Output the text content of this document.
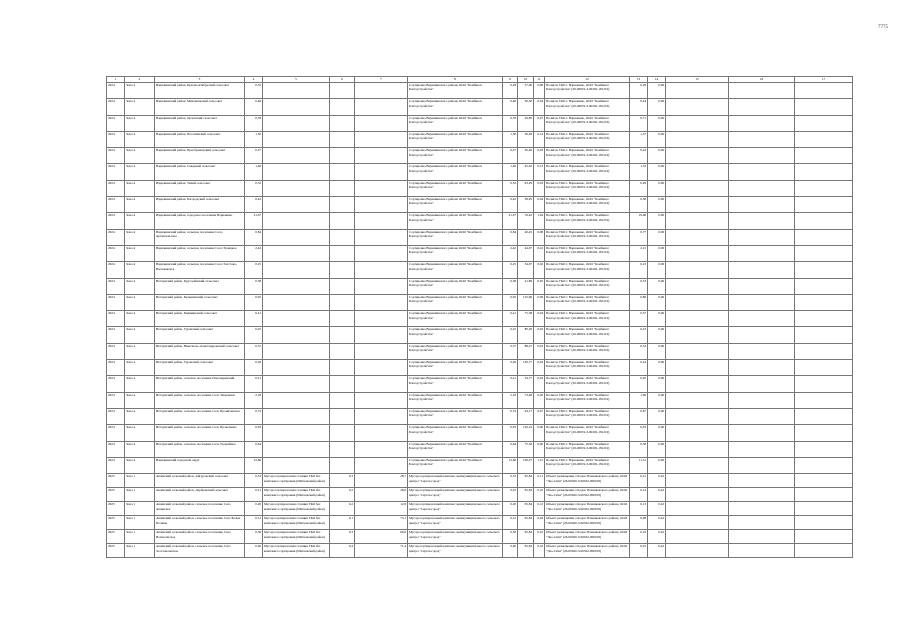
7775
1	2	3	4	5	6	7	8	9	10	11	12	13	14	15	16	17
2024	Зона 4	Варнавинский район, Краснооктябрьский сельсовет	0,35				Сортировка Варнавинского района ООО "Комбинат Благоустройства"	0,28	57,00	0,06	Полигон ТКО г. Варнавино, ООО "Комбинат Благоустройства" (26-00019-З-00202-181219)	0,29	0,06			
2024	Зона 4	Варнавинский район, Михаилевский сельсовет	0,46				Сортировка Варнавинского района ООО "Комбинат Благоустройства"	0,46	36,50	0,04	Полигон ТКО г. Варнавино, ООО "Комбинат Благоустройства" (26-00019-З-00202-181219)	0,44	0,06			
2024	Зона 4	Варнавинский район, Орловский сельсовет	0,78				Сортировка Варнавинского района ООО "Комбинат Благоустройства"	0,78	29,85	0,07	Полигон ТКО г. Варнавино, ООО "Комбинат Благоустройства" (26-00019-З-00202-181219)	0,71	0,06			
2024	Зона 4	Варнавинский район, Плоскинский сельсовет	1,50				Сортировка Варнавинского района ООО "Комбинат Благоустройства"	1,50	36,28	0,14	Полигон ТКО г. Варнавино, ООО "Комбинат Благоустройства" (26-00019-З-00202-181219)	1,37	0,06			
2024	Зона 4	Варнавинский район, Преображенский сельсовет	0,27				Сортировка Варнавинского района ООО "Комбинат Благоустройства"	0,27	20,46	0,03	Полигон ТКО г. Варнавино, ООО "Комбинат Благоустройства" (26-00019-З-00202-181219)	0,24	0,06			
2024	Зона 4	Варнавинский район, Северный сельсовет	1,46				Сортировка Варнавинского района ООО "Комбинат Благоустройства"	1,46	45,02	0,13	Полигон ТКО г. Варнавино, ООО "Комбинат Благоустройства" (26-00019-З-00202-181219)	1,33	0,06			
2024	Зона 4	Варнавинский район, Тихий сельсовет	0,32				Сортировка Варнавинского района ООО "Комбинат Благоустройства"	0,32	63,29	0,03	Полигон ТКО г. Варнавино, ООО "Комбинат Благоустройства" (26-00019-З-00202-181219)	0,29	0,06			
2024	Зона 4	Варнавинский район, Богородский сельсовет	0,42				Сортировка Варнавинского района ООО "Комбинат Благоустройства"	0,42	38,95	0,04	Полигон ТКО г. Варнавино, ООО "Комбинат Благоустройства" (26-00019-З-00202-181219)	0,38	0,06			
2024	Зона 4	Варнавинский район, городское поселение Варнавино	21,07				Сортировка Варнавинского района ООО "Комбинат Благоустройства"	21,07	76,42	1,94	Полигон ТКО г. Варнавино, ООО "Комбинат Благоустройства" (26-00019-З-00202-181219)	19,66	0,06			
2024	Зона 4	Варнавинский район, сельское поселение Село Архангельское	0,84				Сортировка Варнавинского района ООО "Комбинат Благоустройства"	0,84	40,45	0,08	Полигон ТКО г. Варнавино, ООО "Комбинат Благоустройства" (26-00019-З-00202-181219)	0,77	0,06			
2024	Зона 4	Варнавинский район, сельское поселение Село Троицкое	2,42				Сортировка Варнавинского района ООО "Комбинат Благоустройства"	2,42	44,07	0,22	Полигон ТКО г. Варнавино, ООО "Комбинат Благоустройства" (26-00019-З-00202-181219)	2,21	0,06			
2024	Зона 4	Варнавинский район, сельское поселение Село Толстово-Васюковское	0,25				Сортировка Варнавинского района ООО "Комбинат Благоустройства"	0,25	34,07	0,02	Полигон ТКО г. Варнавино, ООО "Комбинат Благоустройства" (26-00019-З-00202-181219)	0,23	0,06			
2024	Зона 4	Ветлужский район, Крутоеймский сельсовет	0,58				Сортировка Варнавинского района ООО "Комбинат Благоустройства"	0,58	41,89	0,05	Полигон ТКО г. Варнавино, ООО "Комбинат Благоустройства" (26-00019-З-00202-181219)	0,53	0,06			
2024	Зона 4	Ветлужский район, Белышевский сельсовет	0,95				Сортировка Варнавинского района ООО "Комбинат Благоустройства"	0,95	125,96	0,09	Полигон ТКО г. Варнавино, ООО "Комбинат Благоустройства" (26-00019-З-00202-181219)	0,86	0,06			
2024	Зона 4	Ветлужский район, Бидикинский сельсовет	0,41				Сортировка Варнавинского района ООО "Комбинат Благоустройства"	0,41	75,38	0,04	Полигон ТКО г. Варнавино, ООО "Комбинат Благоустройства" (26-00019-З-00202-181219)	0,37	0,06			
2024	Зона 4	Ветлужский район, Туранский сельсовет	0,25				Сортировка Варнавинского района ООО "Комбинат Благоустройства"	0,25	80,29	0,02	Полигон ТКО г. Варнавино, ООО "Комбинат Благоустройства" (26-00019-З-00202-181219)	0,23	0,06			
2024	Зона 4	Ветлужский район, Никольско-Александровский сельсовет	0,37				Сортировка Варнавинского района ООО "Комбинат Благоустройства"	0,37	88,27	0,03	Полигон ТКО г. Варнавино, ООО "Комбинат Благоустройства" (26-00019-З-00202-181219)	0,34	0,06			
2024	Зона 4	Ветлужский район, Туранский сельсовет	0,26				Сортировка Варнавинского района ООО "Комбинат Благоустройства"	0,26	130,77	0,02	Полигон ТКО г. Варнавино, ООО "Комбинат Благоустройства" (26-00019-З-00202-181219)	0,24	0,06			
2024	Зона 4	Ветлужский район, сельское поселение Поназыревский	0,21				Сортировка Варнавинского района ООО "Комбинат Благоустройства"	0,21	34,77	0,02	Полигон ТКО г. Варнавино, ООО "Комбинат Благоустройства" (26-00019-З-00202-181219)	0,20	0,06			
2024	Зона 4	Ветлужский район, сельское поселение Село Завражное	2,18				Сортировка Варнавинского района ООО "Комбинат Благоустройства"	2,18	73,48	0,20	Полигон ТКО г. Варнавино, ООО "Комбинат Благоустройства" (26-00019-З-00202-181219)	1,99	0,06			
2024	Зона 4	Ветлужский район, сельское поселение Село Проничевское	0,74				Сортировка Варнавинского района ООО "Комбинат Благоустройства"	0,74	64,17	0,07	Полигон ТКО г. Варнавино, ООО "Комбинат Благоустройства" (26-00019-З-00202-181219)	0,67	0,06			
2024	Зона 4	Ветлужский район, сельское поселение Село Прокопьево	0,03				Сортировка Варнавинского района ООО "Комбинат Благоустройства"	0,03	120,19	0,00	Полигон ТКО г. Варнавино, ООО "Комбинат Благоустройства" (26-00019-З-00202-181219)	0,03	0,06			
2024	Зона 4	Ветлужский район, сельское поселение Село Урожайное	0,64				Сортировка Варнавинского района ООО "Комбинат Благоустройства"	0,64	75,36	0,06	Полигон ТКО г. Варнавино, ООО "Комбинат Благоустройства" (26-00019-З-00202-181219)	0,58	0,06			
2024	Зона 4	Варнавинский городской округ	12,66				Сортировка Варнавинского района ООО "Комбинат Благоустройства"	12,66	106,07	1,15	Полигон ТКО г. Варнавино, ООО "Комбинат Благоустройства" (26-00019-З-00202-181219)	11,51	0,06			
2025	Зона 1	Ашинский сельский район, Айгуровский сельсовет	0,33	Мусоросортировочная станция ТКО без комплекса сортировки (Шатковский район)	0,3	28,7	Мусоросортировочный комплекс межмуниципального сельского центра "Сергач-город"	0,33	65,84	0,11	Объект размещения отходов Починковского района, ООО "Эко-Сити" (26-00020-З-00502-000018)	0,21	0,42			
2025	Зона 1	Ашинский сельский район, Дарбковский сельсовет	0,21	Мусоросортировочная станция ТКО без комплекса сортировки (Шатковский район)	0,2	26,0	Мусоросортировочный комплекс межмуниципального сельского центра "Сергач-город"	0,22	65,84	0,10	Объект размещения отходов Починковского района, ООО "Эко-Сити" (26-00020-З-00502-000018)	0,14	0,42			
2025	Зона 1	Ашинский сельский район, сельское поселение Село Ашинское	0,20	Мусоросортировочная станция ТКО без комплекса сортировки (Шатковский район)	0,2	12,8	Мусоросортировочный комплекс межмуниципального сельского центра "Сергач-город"	0,20	65,84	0,12	Объект размещения отходов Починковского района, ООО "Эко-Сити" (26-00020-З-00502-000018)	0,13	0,42			
2025	Зона 1	Ашинский сельский район, сельское поселение Село Белые Поляны	0,12	Мусоросортировочная станция ТКО без комплекса сортировки (Шатковский район)	0,1	73,1	Мусоросортировочный комплекс межмуниципального сельского центра "Сергач-город"	0,12	65,84	0,04	Объект размещения отходов Починковского района, ООО "Эко-Сити" (26-00020-З-00502-000018)	0,08	0,42			
2025	Зона 1	Ашинский сельский район, сельское поселение Село Вознесенское	0,30	Мусоросортировочная станция ТКО без комплекса сортировки (Шатковский район)	0,3	60,0	Мусоросортировочный комплекс межмуниципального сельского центра "Сергач-город"	0,30	65,84	0,10	Объект размещения отходов Починковского района, ООО "Эко-Сити" (26-00020-З-00502-000018)	0,19	0,42			
2025	Зона 1	Ашинский сельский район, сельское поселение Село Золотоноевское	0,40	Мусоросортировочная станция ТКО без комплекса сортировки (Шатковский район)	0,4	71,4	Мусоросортировочный комплекс межмуниципального сельского центра "Сергач-город"	0,40	65,84	0,16	Объект размещения отходов Починковского района, ООО "Эко-Сити" (26-00020-З-00502-000018)	0,25	0,42			
